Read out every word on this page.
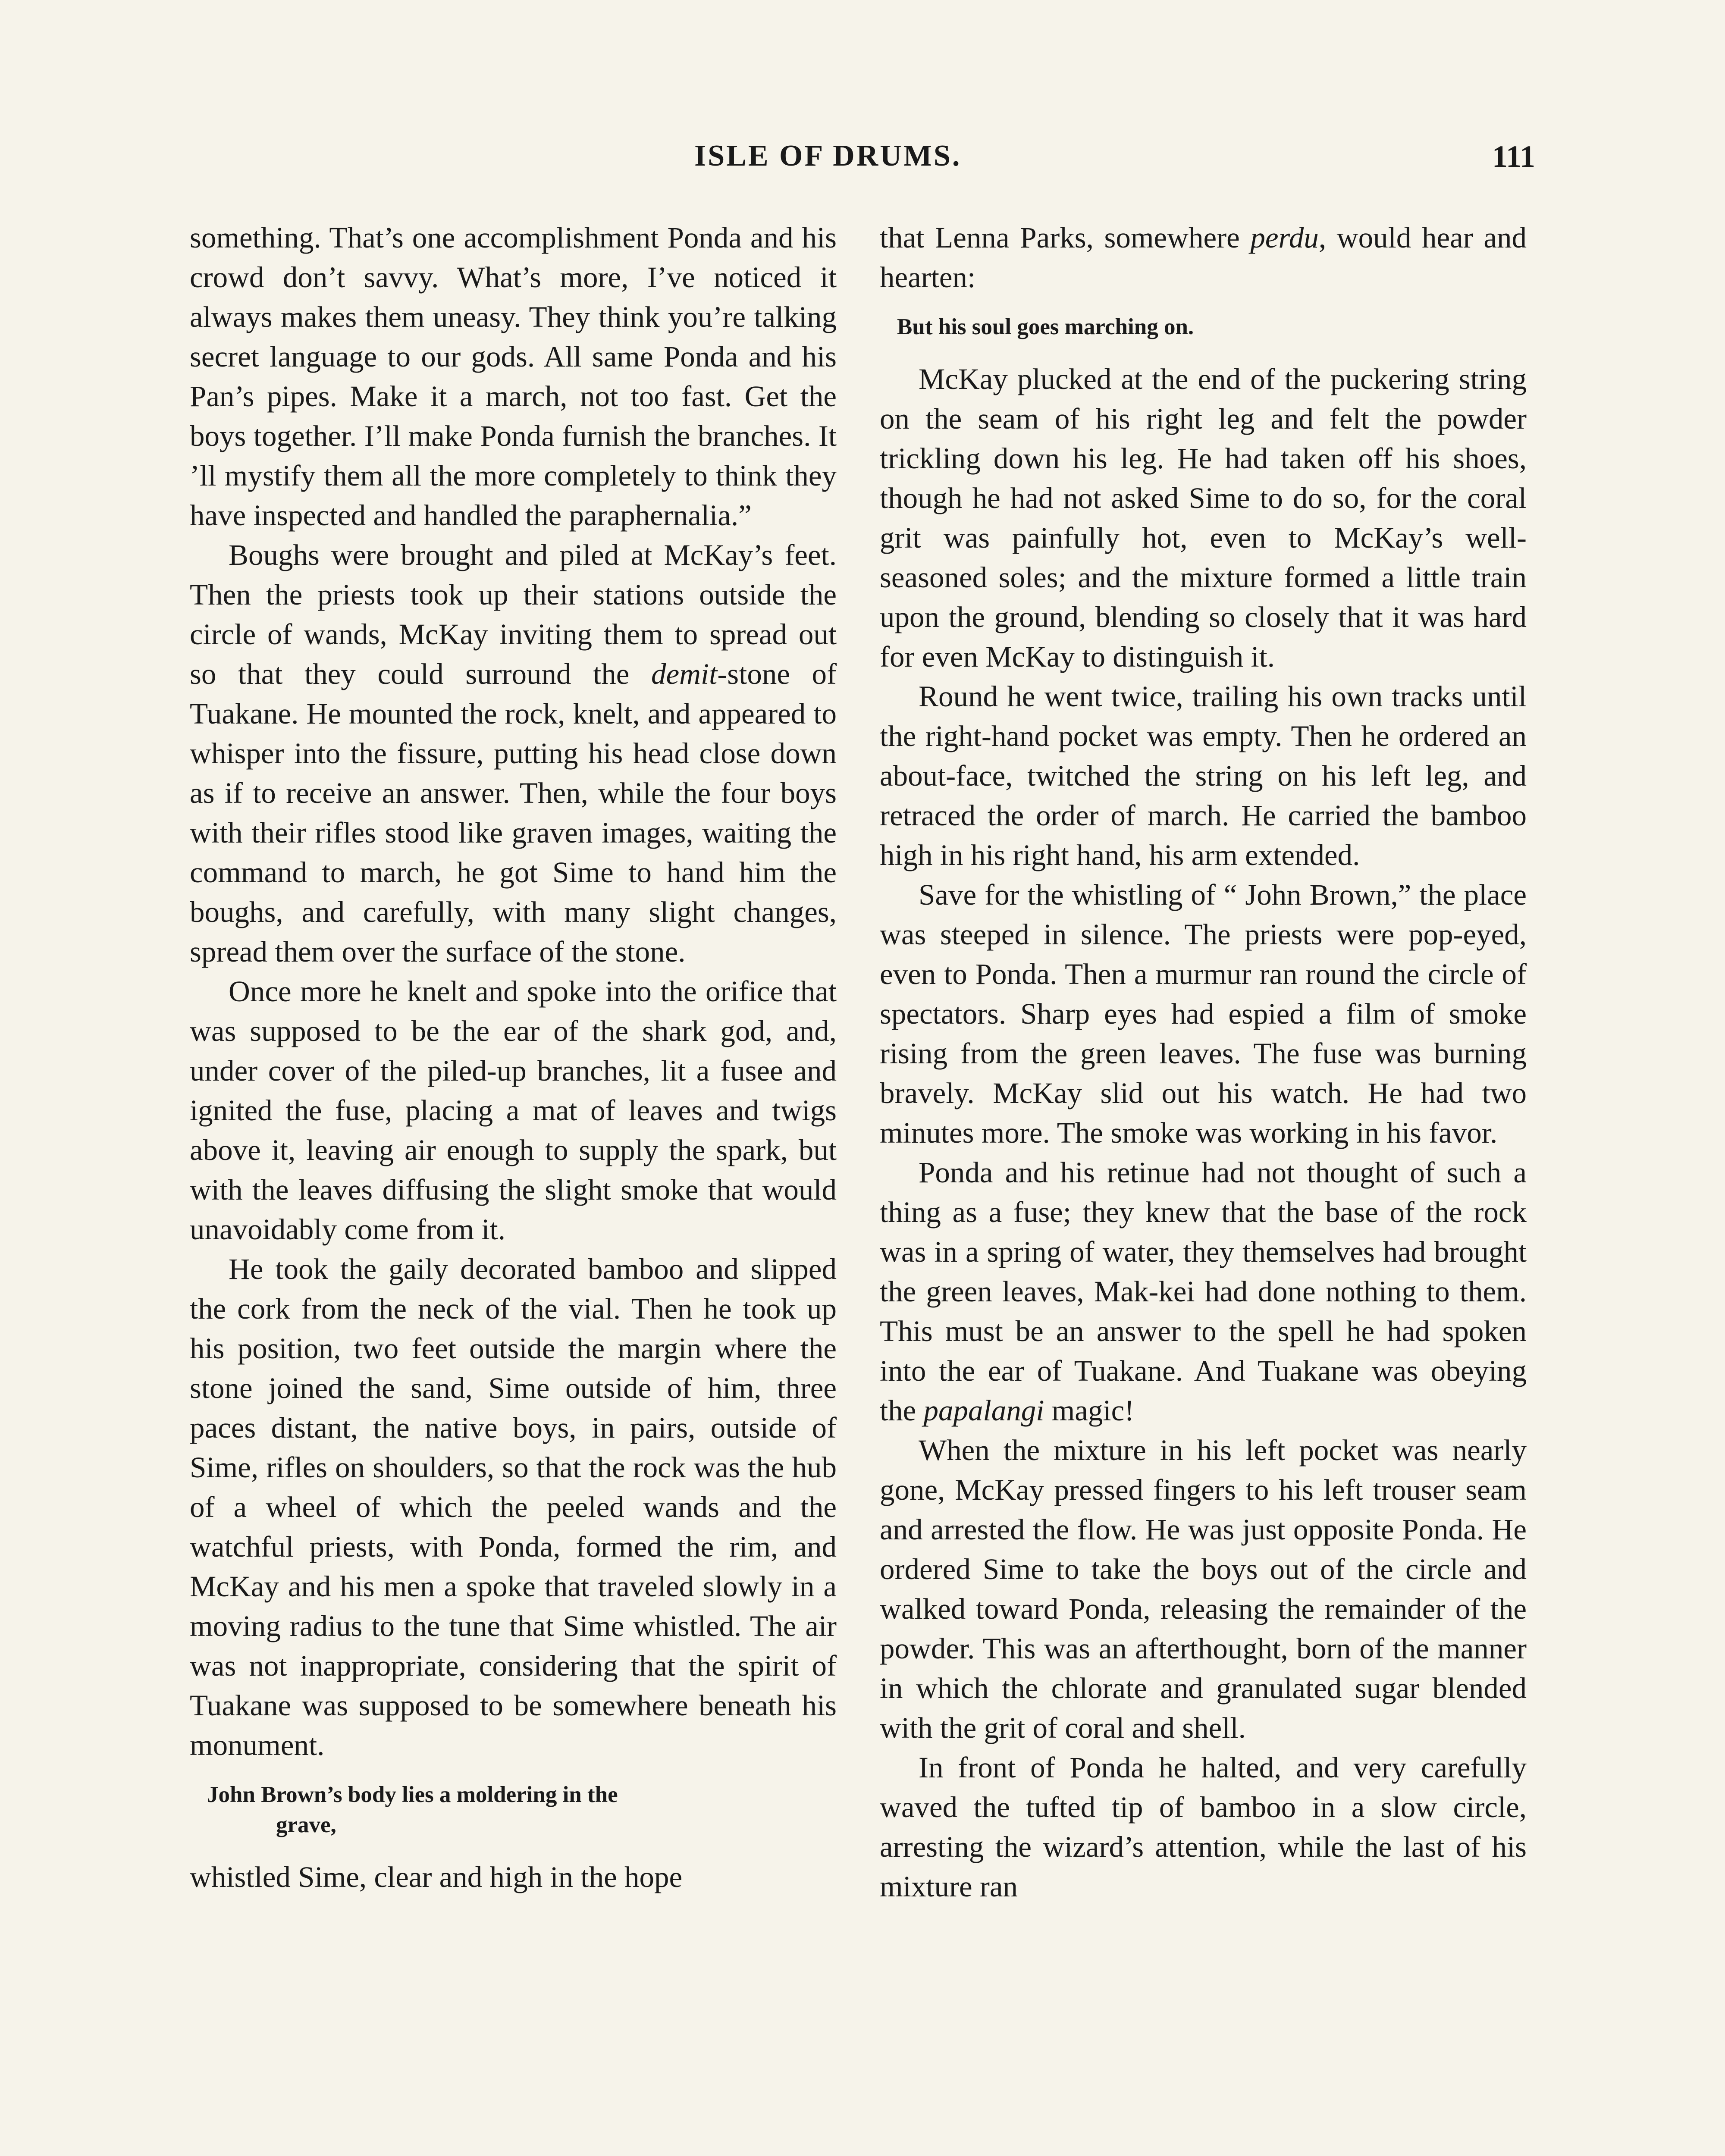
ISLE OF DRUMS.	111

something. That’s one accomplishment Ponda and his crowd don’t savvy. What’s more, I’ve noticed it always makes them uneasy. They think you’re talking secret language to our gods. All same Ponda and his Pan’s pipes. Make it a march, not too fast. Get the boys together. I’ll make Ponda furnish the branches. It ’ll mystify them all the more completely to think they have inspected and handled the paraphernalia.”

Boughs were brought and piled at McKay’s feet. Then the priests took up their stations outside the circle of wands, McKay inviting them to spread out so that they could surround the demit-stone of Tuakane. He mounted the rock, knelt, and appeared to whisper into the fissure, putting his head close down as if to receive an answer. Then, while the four boys with their rifles stood like graven images, waiting the command to march, he got Sime to hand him the boughs, and carefully, with many slight changes, spread them over the surface of the stone.

Once more he knelt and spoke into the orifice that was supposed to be the ear of the shark god, and, under cover of the piled-up branches, lit a fusee and ignited the fuse, placing a mat of leaves and twigs above it, leaving air enough to supply the spark, but with the leaves diffusing the slight smoke that would unavoidably come from it.

He took the gaily decorated bamboo and slipped the cork from the neck of the vial. Then he took up his position, two feet outside the margin where the stone joined the sand, Sime outside of him, three paces distant, the native boys, in pairs, outside of Sime, rifles on shoulders, so that the rock was the hub of a wheel of which the peeled wands and the watchful priests, with Ponda, formed the rim, and McKay and his men a spoke that traveled slowly in a moving radius to the tune that Sime whistled. The air was not inappropriate, considering that the spirit of Tuakane was supposed to be somewhere beneath his monument.

John Brown’s body lies a moldering in the
grave,

whistled Sime, clear and high in the hope

that Lenna Parks, somewhere perdu, would hear and hearten:

But his soul goes marching on.

McKay plucked at the end of the puckering string on the seam of his right leg and felt the powder trickling down his leg. He had taken off his shoes, though he had not asked Sime to do so, for the coral grit was painfully hot, even to McKay’s well-seasoned soles; and the mixture formed a little train upon the ground, blending so closely that it was hard for even McKay to distinguish it.

Round he went twice, trailing his own tracks until the right-hand pocket was empty. Then he ordered an about-face, twitched the string on his left leg, and retraced the order of march. He carried the bamboo high in his right hand, his arm extended.

Save for the whistling of “ John Brown,” the place was steeped in silence. The priests were pop-eyed, even to Ponda. Then a murmur ran round the circle of spectators. Sharp eyes had espied a film of smoke rising from the green leaves. The fuse was burning bravely. McKay slid out his watch. He had two minutes more. The smoke was working in his favor.

Ponda and his retinue had not thought of such a thing as a fuse; they knew that the base of the rock was in a spring of water, they themselves had brought the green leaves, Mak-kei had done nothing to them. This must be an answer to the spell he had spoken into the ear of Tuakane. And Tuakane was obeying the papalangi magic!

When the mixture in his left pocket was nearly gone, McKay pressed fingers to his left trouser seam and arrested the flow. He was just opposite Ponda. He ordered Sime to take the boys out of the circle and walked toward Ponda, releasing the remainder of the powder. This was an afterthought, born of the manner in which the chlorate and granulated sugar blended with the grit of coral and shell.

In front of Ponda he halted, and very carefully waved the tufted tip of bamboo in a slow circle, arresting the wizard’s attention, while the last of his mixture ran
